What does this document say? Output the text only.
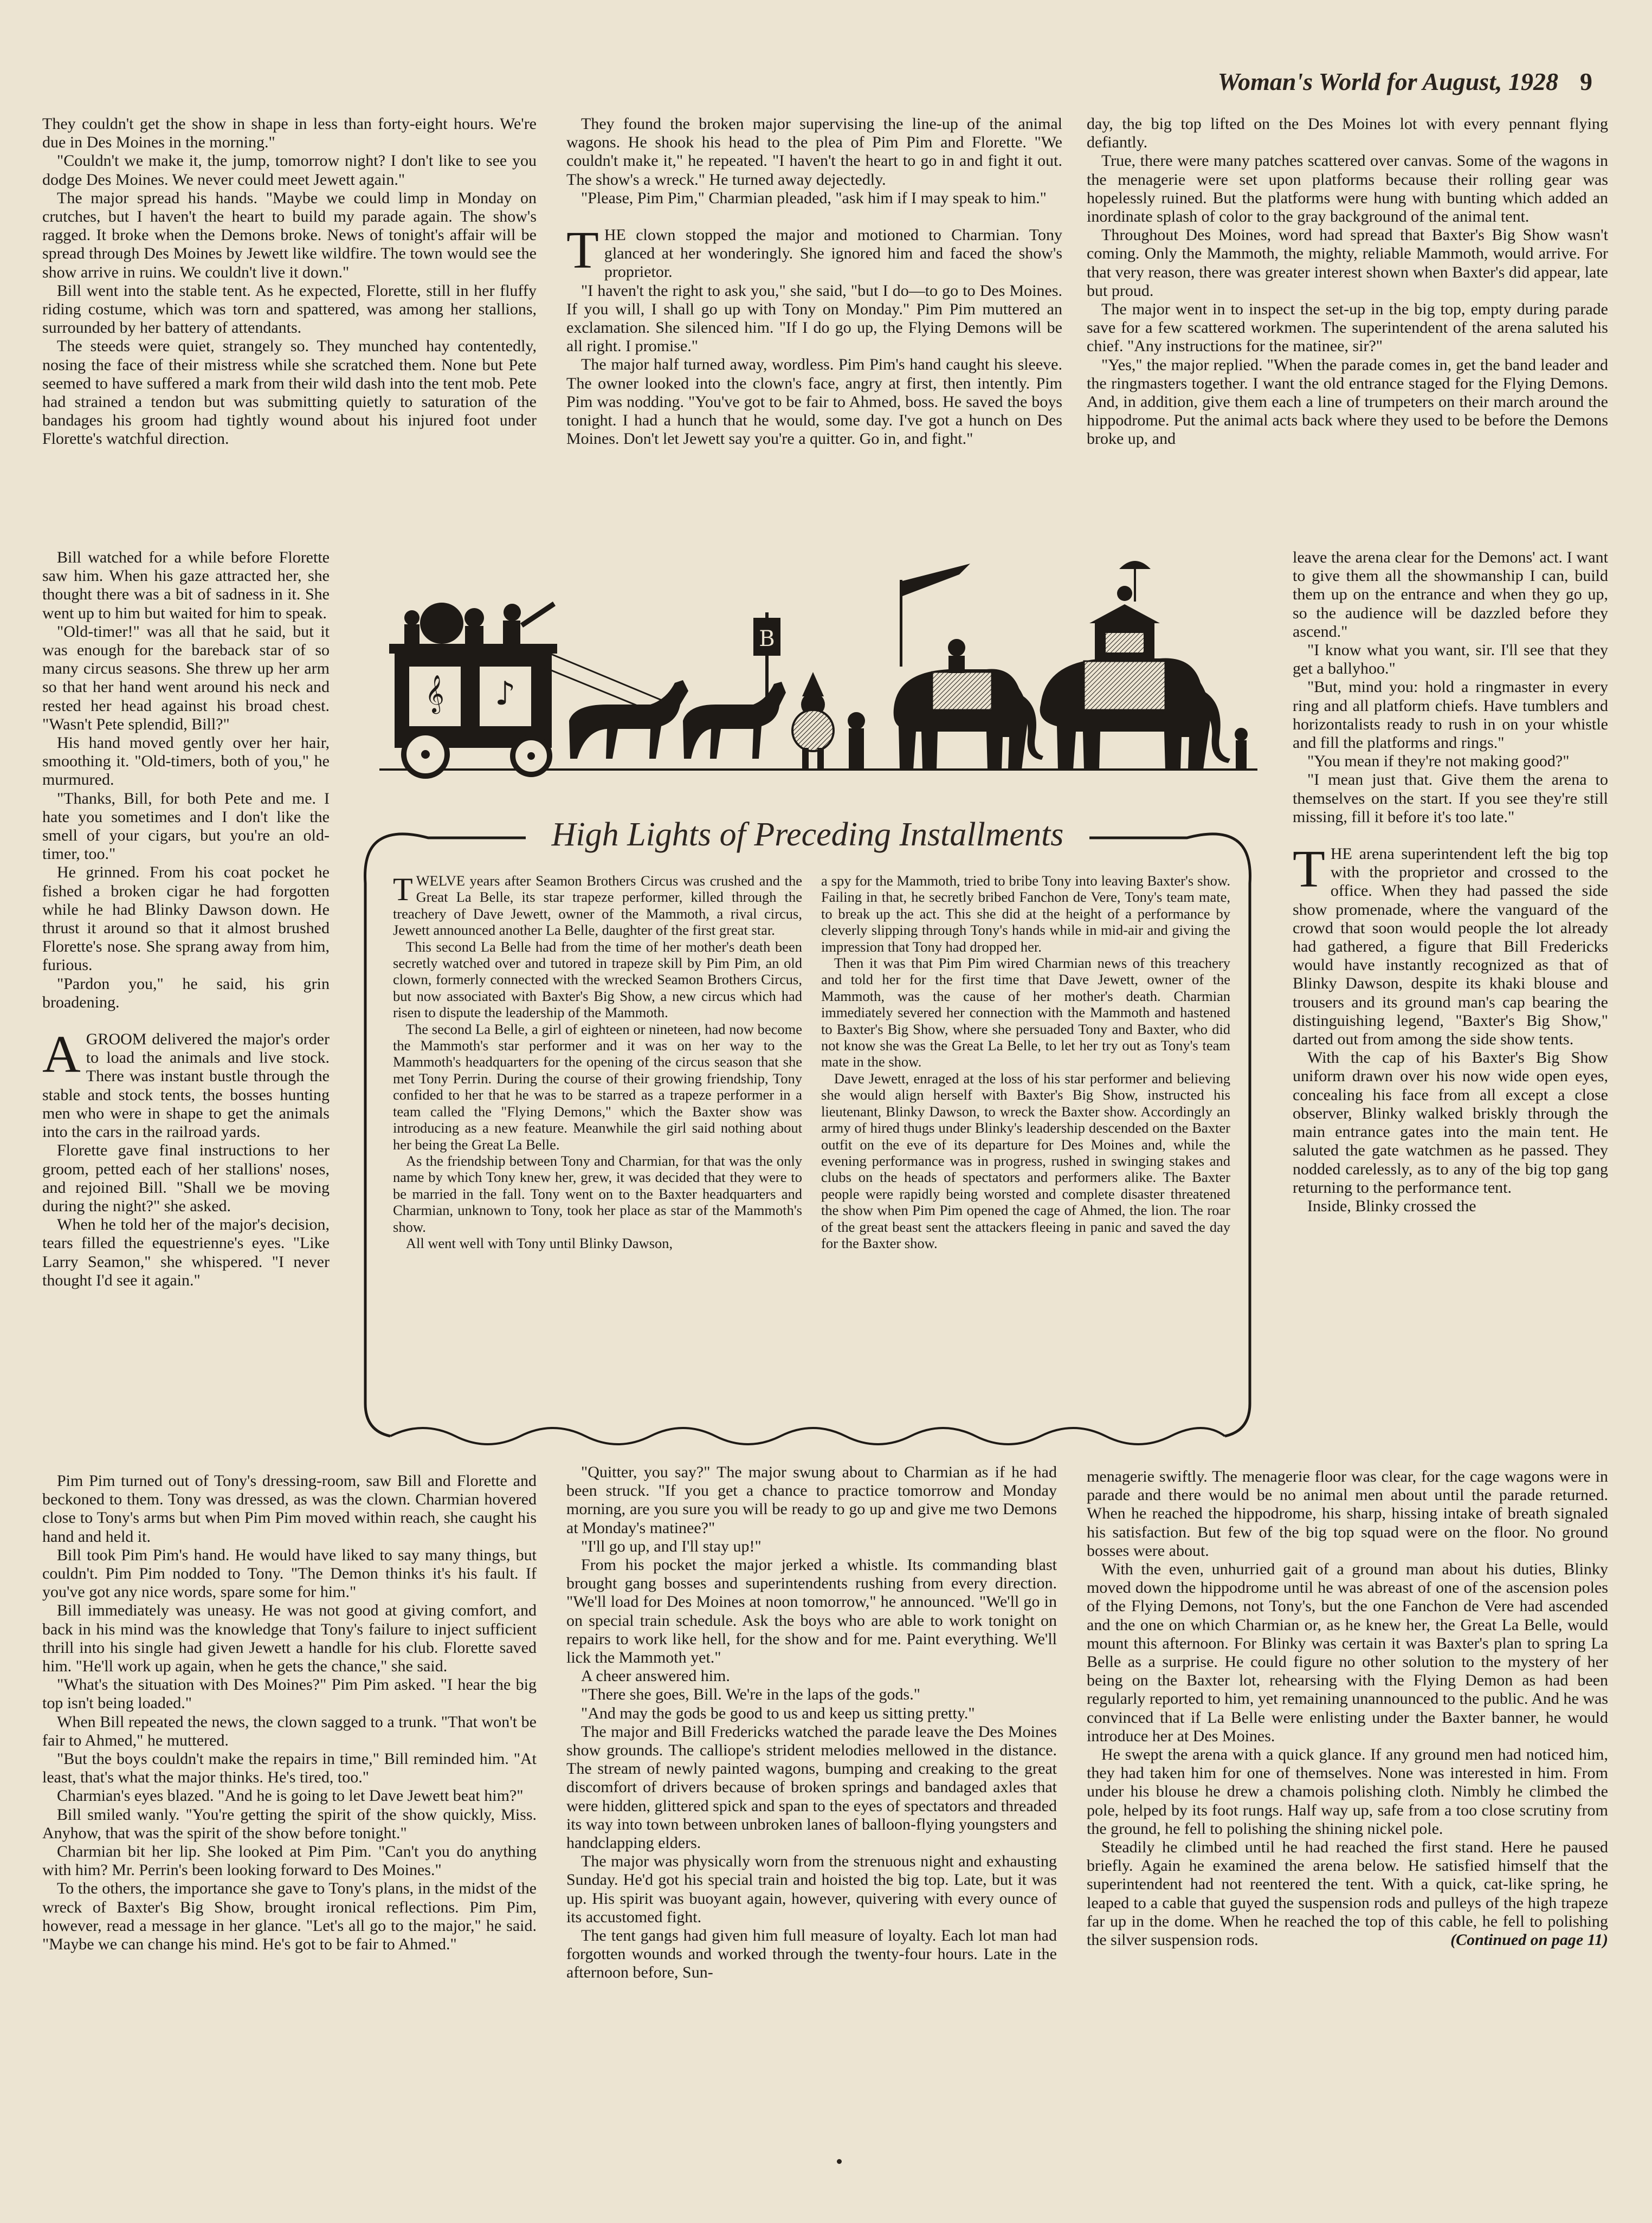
Woman's World for August, 1928 9

They couldn't get the show in shape in less than forty-eight hours. We're due in Des Moines in the morning."

"Couldn't we make it, the jump, tomorrow night? I don't like to see you dodge Des Moines. We never could meet Jewett again."

The major spread his hands. "Maybe we could limp in Monday on crutches, but I haven't the heart to build my parade again. The show's ragged. It broke when the Demons broke. News of tonight's affair will be spread through Des Moines by Jewett like wildfire. The town would see the show arrive in ruins. We couldn't live it down."

Bill went into the stable tent. As he expected, Florette, still in her fluffy riding costume, which was torn and spattered, was among her stallions, surrounded by her battery of attendants.

The steeds were quiet, strangely so. They munched hay contentedly, nosing the face of their mistress while she scratched them. None but Pete seemed to have suffered a mark from their wild dash into the tent mob. Pete had strained a tendon but was submitting quietly to saturation of the bandages his groom had tightly wound about his injured foot under Florette's watchful direction.

Bill watched for a while before Florette saw him. When his gaze attracted her, she thought there was a bit of sadness in it. She went up to him but waited for him to speak.

"Old-timer!" was all that he said, but it was enough for the bareback star of so many circus seasons. She threw up her arm so that her hand went around his neck and rested her head against his broad chest. "Wasn't Pete splendid, Bill?"

His hand moved gently over her hair, smoothing it. "Old-timers, both of you," he murmured.

"Thanks, Bill, for both Pete and me. I hate you sometimes and I don't like the smell of your cigars, but you're an old-timer, too."

He grinned. From his coat pocket he fished a broken cigar he had forgotten while he had Blinky Dawson down. He thrust it around so that it almost brushed Florette's nose. She sprang away from him, furious.

"Pardon you," he said, his grin broadening.

AGROOM delivered the major's order to load the animals and live stock. There was instant bustle through the stable and stock tents, the bosses hunting men who were in shape to get the animals into the cars in the railroad yards.

Florette gave final instructions to her groom, petted each of her stallions' noses, and rejoined Bill. "Shall we be moving during the night?" she asked.

When he told her of the major's decision, tears filled the equestrienne's eyes. "Like Larry Seamon," she whispered. "I never thought I'd see it again."

Pim Pim turned out of Tony's dressing-room, saw Bill and Florette and beckoned to them. Tony was dressed, as was the clown. Charmian hovered close to Tony's arms but when Pim Pim moved within reach, she caught his hand and held it.

Bill took Pim Pim's hand. He would have liked to say many things, but couldn't. Pim Pim nodded to Tony. "The Demon thinks it's his fault. If you've got any nice words, spare some for him."

Bill immediately was uneasy. He was not good at giving comfort, and back in his mind was the knowledge that Tony's failure to inject sufficient thrill into his single had given Jewett a handle for his club. Florette saved him. "He'll work up again, when he gets the chance," she said.

"What's the situation with Des Moines?" Pim Pim asked. "I hear the big top isn't being loaded."

When Bill repeated the news, the clown sagged to a trunk. "That won't be fair to Ahmed," he muttered.

"But the boys couldn't make the repairs in time," Bill reminded him. "At least, that's what the major thinks. He's tired, too."

Charmian's eyes blazed. "And he is going to let Dave Jewett beat him?"

Bill smiled wanly. "You're getting the spirit of the show quickly, Miss. Anyhow, that was the spirit of the show before tonight."

Charmian bit her lip. She looked at Pim Pim. "Can't you do anything with him? Mr. Perrin's been looking forward to Des Moines."

To the others, the importance she gave to Tony's plans, in the midst of the wreck of Baxter's Big Show, brought ironical reflections. Pim Pim, however, read a message in her glance. "Let's all go to the major," he said. "Maybe we can change his mind. He's got to be fair to Ahmed."

They found the broken major supervising the line-up of the animal wagons. He shook his head to the plea of Pim Pim and Florette. "We couldn't make it," he repeated. "I haven't the heart to go in and fight it out. The show's a wreck." He turned away dejectedly.

"Please, Pim Pim," Charmian pleaded, "ask him if I may speak to him."

THE clown stopped the major and motioned to Charmian. Tony glanced at her wonderingly. She ignored him and faced the show's proprietor.

"I haven't the right to ask you," she said, "but I do—to go to Des Moines. If you will, I shall go up with Tony on Monday." Pim Pim muttered an exclamation. She silenced him. "If I do go up, the Flying Demons will be all right. I promise."

The major half turned away, wordless. Pim Pim's hand caught his sleeve. The owner looked into the clown's face, angry at first, then intently. Pim Pim was nodding. "You've got to be fair to Ahmed, boss. He saved the boys tonight. I had a hunch that he would, some day. I've got a hunch on Des Moines. Don't let Jewett say you're a quitter. Go in, and fight."

𝄞 ♪
B
High Lights of Preceding Installments

TWELVE years after Seamon Brothers Circus was crushed and the Great La Belle, its star trapeze performer, killed through the treachery of Dave Jewett, owner of the Mammoth, a rival circus, Jewett announced another La Belle, daughter of the first great star.

This second La Belle had from the time of her mother's death been secretly watched over and tutored in trapeze skill by Pim Pim, an old clown, formerly connected with the wrecked Seamon Brothers Circus, but now associated with Baxter's Big Show, a new circus which had risen to dispute the leadership of the Mammoth.

The second La Belle, a girl of eighteen or nineteen, had now become the Mammoth's star performer and it was on her way to the Mammoth's headquarters for the opening of the circus season that she met Tony Perrin. During the course of their growing friendship, Tony confided to her that he was to be starred as a trapeze performer in a team called the "Flying Demons," which the Baxter show was introducing as a new feature. Meanwhile the girl said nothing about her being the Great La Belle.

As the friendship between Tony and Charmian, for that was the only name by which Tony knew her, grew, it was decided that they were to be married in the fall. Tony went on to the Baxter headquarters and Charmian, unknown to Tony, took her place as star of the Mammoth's show.

All went well with Tony until Blinky Dawson,

a spy for the Mammoth, tried to bribe Tony into leaving Baxter's show. Failing in that, he secretly bribed Fanchon de Vere, Tony's team mate, to break up the act. This she did at the height of a performance by cleverly slipping through Tony's hands while in mid-air and giving the impression that Tony had dropped her.

Then it was that Pim Pim wired Charmian news of this treachery and told her for the first time that Dave Jewett, owner of the Mammoth, was the cause of her mother's death. Charmian immediately severed her connection with the Mammoth and hastened to Baxter's Big Show, where she persuaded Tony and Baxter, who did not know she was the Great La Belle, to let her try out as Tony's team mate in the show.

Dave Jewett, enraged at the loss of his star performer and believing she would align herself with Baxter's Big Show, instructed his lieutenant, Blinky Dawson, to wreck the Baxter show. Accordingly an army of hired thugs under Blinky's leadership descended on the Baxter outfit on the eve of its departure for Des Moines and, while the evening performance was in progress, rushed in swinging stakes and clubs on the heads of spectators and performers alike. The Baxter people were rapidly being worsted and complete disaster threatened the show when Pim Pim opened the cage of Ahmed, the lion. The roar of the great beast sent the attackers fleeing in panic and saved the day for the Baxter show.

"Quitter, you say?" The major swung about to Charmian as if he had been struck. "If you get a chance to practice tomorrow and Monday morning, are you sure you will be ready to go up and give me two Demons at Monday's matinee?"

"I'll go up, and I'll stay up!"

From his pocket the major jerked a whistle. Its commanding blast brought gang bosses and superintendents rushing from every direction. "We'll load for Des Moines at noon tomorrow," he announced. "We'll go in on special train schedule. Ask the boys who are able to work tonight on repairs to work like hell, for the show and for me. Paint everything. We'll lick the Mammoth yet."

A cheer answered him.

"There she goes, Bill. We're in the laps of the gods."

"And may the gods be good to us and keep us sitting pretty."

The major and Bill Fredericks watched the parade leave the Des Moines show grounds. The calliope's strident melodies mellowed in the distance. The stream of newly painted wagons, bumping and creaking to the great discomfort of drivers because of broken springs and bandaged axles that were hidden, glittered spick and span to the eyes of spectators and threaded its way into town between unbroken lanes of balloon-flying youngsters and handclapping elders.

The major was physically worn from the strenuous night and exhausting Sunday. He'd got his special train and hoisted the big top. Late, but it was up. His spirit was buoyant again, however, quivering with every ounce of its accustomed fight.

The tent gangs had given him full measure of loyalty. Each lot man had forgotten wounds and worked through the twenty-four hours. Late in the afternoon before, Sun-

day, the big top lifted on the Des Moines lot with every pennant flying defiantly.

True, there were many patches scattered over canvas. Some of the wagons in the menagerie were set upon platforms because their rolling gear was hopelessly ruined. But the platforms were hung with bunting which added an inordinate splash of color to the gray background of the animal tent.

Throughout Des Moines, word had spread that Baxter's Big Show wasn't coming. Only the Mammoth, the mighty, reliable Mammoth, would arrive. For that very reason, there was greater interest shown when Baxter's did appear, late but proud.

The major went in to inspect the set-up in the big top, empty during parade save for a few scattered workmen. The superintendent of the arena saluted his chief. "Any instructions for the matinee, sir?"

"Yes," the major replied. "When the parade comes in, get the band leader and the ringmasters together. I want the old entrance staged for the Flying Demons. And, in addition, give them each a line of trumpeters on their march around the hippodrome. Put the animal acts back where they used to be before the Demons broke up, and

leave the arena clear for the Demons' act. I want to give them all the showmanship I can, build them up on the entrance and when they go up, so the audience will be dazzled before they ascend."

"I know what you want, sir. I'll see that they get a ballyhoo."

"But, mind you: hold a ringmaster in every ring and all platform chiefs. Have tumblers and horizontalists ready to rush in on your whistle and fill the platforms and rings."

"You mean if they're not making good?"

"I mean just that. Give them the arena to themselves on the start. If you see they're still missing, fill it before it's too late."

THE arena superintendent left the big top with the proprietor and crossed to the office. When they had passed the side show promenade, where the vanguard of the crowd that soon would people the lot already had gathered, a figure that Bill Fredericks would have instantly recognized as that of Blinky Dawson, despite its khaki blouse and trousers and its ground man's cap bearing the distinguishing legend, "Baxter's Big Show," darted out from among the side show tents.

With the cap of his Baxter's Big Show uniform drawn over his now wide open eyes, concealing his face from all except a close observer, Blinky walked briskly through the main entrance gates into the main tent. He saluted the gate watchmen as he passed. They nodded carelessly, as to any of the big top gang returning to the performance tent.

Inside, Blinky crossed the

menagerie swiftly. The menagerie floor was clear, for the cage wagons were in parade and there would be no animal men about until the parade returned. When he reached the hippodrome, his sharp, hissing intake of breath signaled his satisfaction. But few of the big top squad were on the floor. No ground bosses were about.

With the even, unhurried gait of a ground man about his duties, Blinky moved down the hippodrome until he was abreast of one of the ascension poles of the Flying Demons, not Tony's, but the one Fanchon de Vere had ascended and the one on which Charmian or, as he knew her, the Great La Belle, would mount this afternoon. For Blinky was certain it was Baxter's plan to spring La Belle as a surprise. He could figure no other solution to the mystery of her being on the Baxter lot, rehearsing with the Flying Demon as had been regularly reported to him, yet remaining unannounced to the public. And he was convinced that if La Belle were enlisting under the Baxter banner, he would introduce her at Des Moines.

He swept the arena with a quick glance. If any ground men had noticed him, they had taken him for one of themselves. None was interested in him. From under his blouse he drew a chamois polishing cloth. Nimbly he climbed the pole, helped by its foot rungs. Half way up, safe from a too close scrutiny from the ground, he fell to polishing the shining nickel pole.

Steadily he climbed until he had reached the first stand. Here he paused briefly. Again he examined the arena below. He satisfied himself that the superintendent had not reentered the tent. With a quick, cat-like spring, he leaped to a cable that guyed the suspension rods and pulleys of the high trapeze far up in the dome. When he reached the top of this cable, he fell to polishing the silver suspension rods.	(Continued on page 11)
